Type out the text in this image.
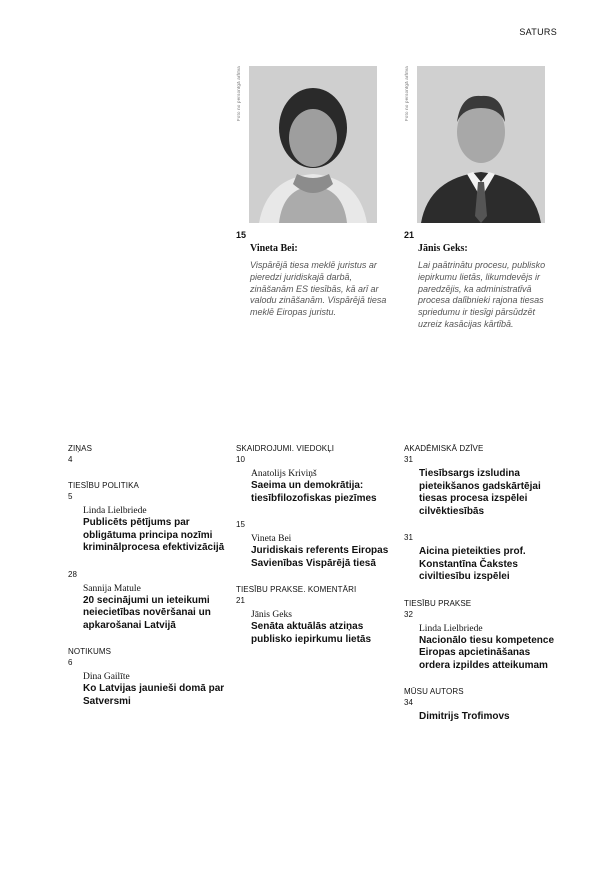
SATURS
Foto no personīgā arhīva
15
Vineta Bei:
Vispārējā tiesa meklē juristus ar pieredzi juridiskajā darbā, zināšanām ES tiesībās, kā arī ar valodu zināšanām. Vispārējā tiesa meklē Eiropas juristu.
Foto no personīgā arhīva
21
Jānis Geks:
Lai paātrinātu procesu, publisko iepirkumu lietās, likumdevējs ir paredzējis, ka administratīvā procesa dalībnieki rajona tiesas spriedumu ir tiesīgi pārsūdzēt uzreiz kasācijas kārtībā.
ZIŅAS
4
TIESĪBU POLITIKA
5
Linda Lielbriede
Publicēts pētījums par obligātuma principa nozīmi kriminālprocesa efektivizācijā
28
Sannija Matule
20 secinājumi un ieteikumi neiecietības novēršanai un apkarošanai Latvijā
NOTIKUMS
6
Dina Gailīte
Ko Latvijas jaunieši domā par Satversmi
SKAIDROJUMI. VIEDOKĻI
10
Anatolijs Kriviņš
Saeima un demokrātija: tiesībfilozofiskas piezīmes
15
Vineta Bei
Juridiskais referents Eiropas Savienības Vispārējā tiesā
TIESĪBU PRAKSE. KOMENTĀRI
21
Jānis Geks
Senāta aktuālās atziņas publisko iepirkumu lietās
AKADĒMISKĀ DZĪVE
31
Tiesībsargs izsludina pieteikšanos gadskārtējai tiesas procesa izspēlei cilvēktiesībās
31
Aicina pieteikties prof. Konstantīna Čakstes civiltiesību izspēlei
TIESĪBU PRAKSE
32
Linda Lielbriede
Nacionālo tiesu kompetence Eiropas apcietināšanas ordera izpildes atteikumam
MŪSU AUTORS
34
Dimitrijs Trofimovs
